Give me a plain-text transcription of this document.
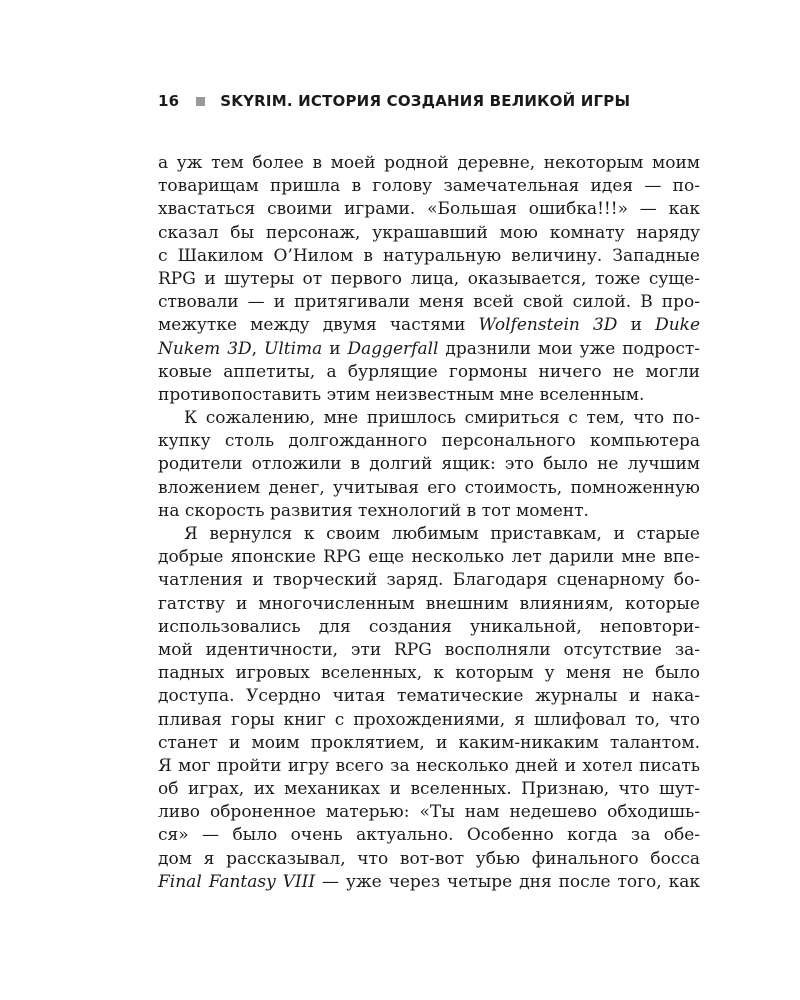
16	SKYRIM. ИСТОРИЯ СОЗДАНИЯ ВЕЛИКОЙ ИГРЫ
а уж тем более в моей родной деревне, некоторым моим
товарищам пришла в голову замечательная идея — по-
хвастаться своими играми. «Большая ошибка!!!» — как
сказал бы персонаж, украшавший мою комнату наряду
с Шакилом О’Нилом в натуральную величину. Западные
RPG и шутеры от первого лица, оказывается, тоже суще-
ствовали — и притягивали меня всей свой силой. В про-
межутке между двумя частями Wolfenstein 3D и Duke
Nukem 3D, Ultima и Daggerfall дразнили мои уже подрост-
ковые аппетиты, а бурлящие гормоны ничего не могли
противопоставить этим неизвестным мне вселенным.
К сожалению, мне пришлось смириться с тем, что по-
купку столь долгожданного персонального компьютера
родители отложили в долгий ящик: это было не лучшим
вложением денег, учитывая его стоимость, помноженную
на скорость развития технологий в тот момент.
Я вернулся к своим любимым приставкам, и старые
добрые японские RPG еще несколько лет дарили мне впе-
чатления и творческий заряд. Благодаря сценарному бо-
гатству и многочисленным внешним влияниям, которые
использовались для создания уникальной, неповтори-
мой идентичности, эти RPG восполняли отсутствие за-
падных игровых вселенных, к которым у меня не было
доступа. Усердно читая тематические журналы и нака-
пливая горы книг с прохождениями, я шлифовал то, что
станет и моим проклятием, и каким-никаким талантом.
Я мог пройти игру всего за несколько дней и хотел писать
об играх, их механиках и вселенных. Признаю, что шут-
ливо оброненное матерью: «Ты нам недешево обходишь-
ся» — было очень актуально. Особенно когда за обе-
дом я рассказывал, что вот-вот убью финального босса
Final Fantasy VIII — уже через четыре дня после того, как
